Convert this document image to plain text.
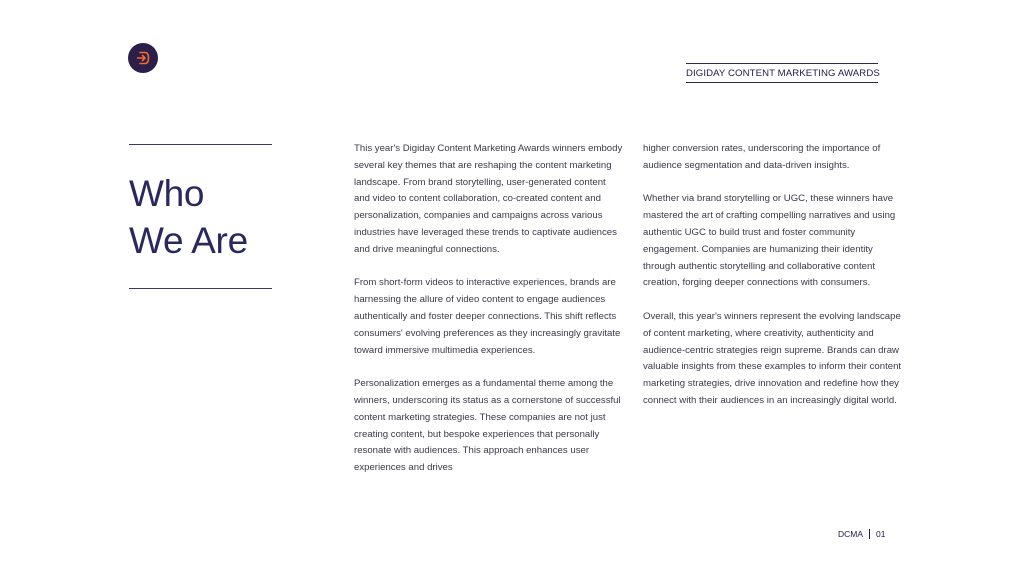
DIGIDAY CONTENT MARKETING AWARDS
Who
We Are

This year's Digiday Content Marketing Awards winners embody several key themes that are reshaping the content marketing landscape. From brand storytelling, user-generated content and video to content collaboration, co-created content and personalization, companies and campaigns across various industries have leveraged these trends to captivate audiences and drive meaningful connections.

From short-form videos to interactive experiences, brands are harnessing the allure of video content to engage audiences authentically and foster deeper connections. This shift reflects consumers' evolving preferences as they increasingly gravitate toward immersive multimedia experiences.

Personalization emerges as a fundamental theme among the winners, underscoring its status as a cornerstone of successful content marketing strategies. These companies are not just creating content, but bespoke experiences that personally resonate with audiences. This approach enhances user experiences and drives

higher conversion rates, underscoring the importance of audience segmentation and data-driven insights.

Whether via brand storytelling or UGC, these winners have mastered the art of crafting compelling narratives and using authentic UGC to build trust and foster community engagement. Companies are humanizing their identity through authentic storytelling and collaborative content creation, forging deeper connections with consumers.

Overall, this year's winners represent the evolving landscape of content marketing, where creativity, authenticity and audience-centric strategies reign supreme. Brands can draw valuable insights from these examples to inform their content marketing strategies, drive innovation and redefine how they connect with their audiences in an increasingly digital world.

DCMA 01
